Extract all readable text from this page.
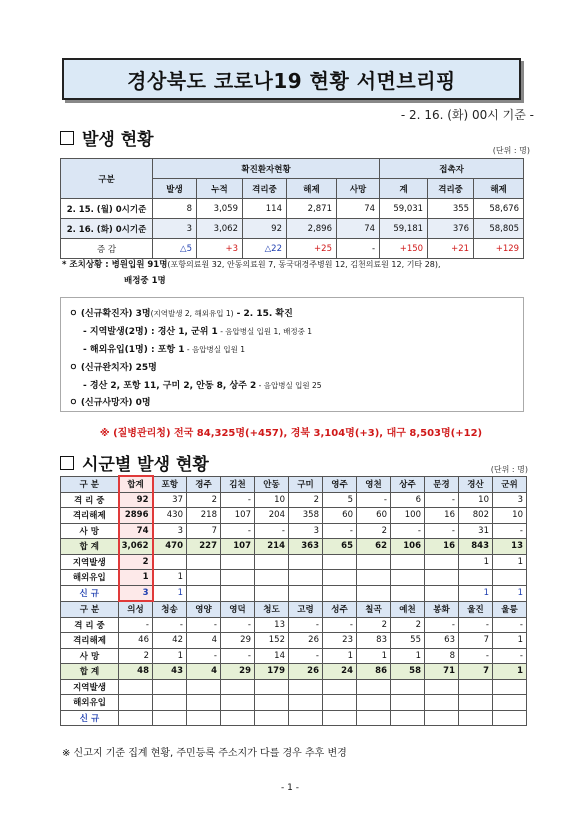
경상북도 코로나19 현황 서면브리핑
- 2. 16. (화) 00시 기준 -
발생 현황
(단위 : 명)
구분	확진환자현황					접촉자		
	발생	누적	격리중	해제	사망	계	격리중	해제
2. 15. (월) 0시기준	8	3,059	114	2,871	74	59,031	355	58,676
2. 16. (화) 0시기준	3	3,062	92	2,896	74	59,181	376	58,805
증 감	△5	+3	△22	+25	-	+150	+21	+129
* 조치상황 : 병원입원 91명(포항의료원 32, 안동의료원 7, 동국대경주병원 12, 김천의료원 12, 기타 28),
배정중 1명
ㅇ (신규확진자) 3명(지역발생 2, 해외유입 1) - 2. 15. 확진
- 지역발생(2명) : 경산 1, 군위 1 - 음압병실 입원 1, 배정중 1
- 해외유입(1명) : 포항 1 - 음압병실 입원 1
ㅇ (신규완치자) 25명
- 경산 2, 포항 11, 구미 2, 안동 8, 상주 2 - 음압병실 입원 25
ㅇ (신규사망자) 0명
※ (질병관리청) 전국 84,325명(+457), 경북 3,104명(+3), 대구 8,503명(+12)
시군별 발생 현황	(단위 : 명)
구 분	합계	포항	경주	김천	안동	구미	영주	영천	상주	문경	경산	군위
격 리 중	92	37	2	-	10	2	5	-	6	-	10	3
격리해제	2896	430	218	107	204	358	60	60	100	16	802	10
사 망	74	3	7	-	-	3	-	2	-	-	31	-
합 계	3,062	470	227	107	214	363	65	62	106	16	843	13
지역발생	2										1	1
해외유입	1	1										
신 규	3	1									1	1
구 분	의성	청송	영양	영덕	청도	고령	성주	칠곡	예천	봉화	울진	울릉
격 리 중	-	-	-	-	13	-	-	2	2	-	-	-
격리해제	46	42	4	29	152	26	23	83	55	63	7	1
사 망	2	1	-	-	14	-	1	1	1	8	-	-
합 계	48	43	4	29	179	26	24	86	58	71	7	1
지역발생												
해외유입												
신 규												
※ 신고지 기준 집계 현황, 주민등록 주소지가 다를 경우 추후 변경
- 1 -
